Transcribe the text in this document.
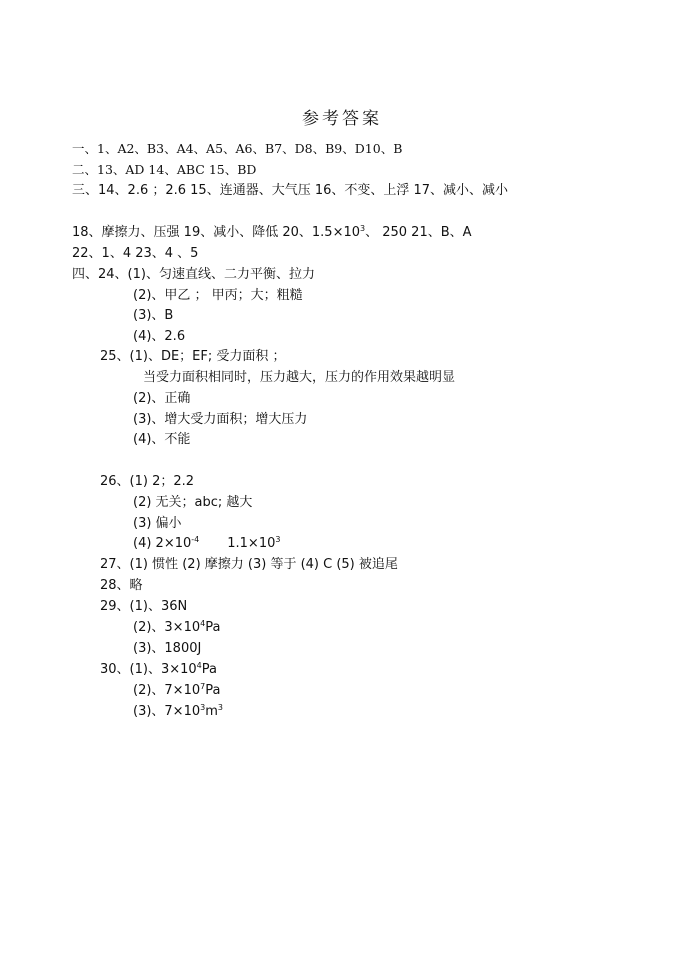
参考答案
一、1、A2、B3、A4、A5、A6、B7、D8、B9、D10、B
二、13、AD 14、ABC 15、BD
三、14、2.6 ；2.6 15、连通器、大气压 16、不变、上浮 17、减小、减小
18、摩擦力、压强 19、减小、降低 20、$1.5\times 10^3$、 250 21、B、A
22、1、4 23、4 、5
四、24、(1)、匀速直线、二力平衡、拉力
(2)、甲乙 ； 甲丙；大；粗糙
(3)、B
(4)、2.6
25、(1)、DE；EF; 受力面积 ；
当受力面积相同时，压力越大，压力的作用效果越明显
(2)、正确
(3)、增大受力面积；增大压力
(4)、不能
26、(1) 2；2.2
(2) 无关；abc; 越大
(3) 偏小
(4) $2\times 10^{-4}$ $1.1\times 10^3$
27、(1) 惯性 (2) 摩擦力 (3) 等于 (4) C (5) 被追尾
28、略
29、(1)、36N
(2)、$3\times 10^4Pa$
(3)、1800J
30、(1)、$3\times 10^4Pa$
(2)、$7\times 10^7Pa$
(3)、$7\times 10^3m^3$
